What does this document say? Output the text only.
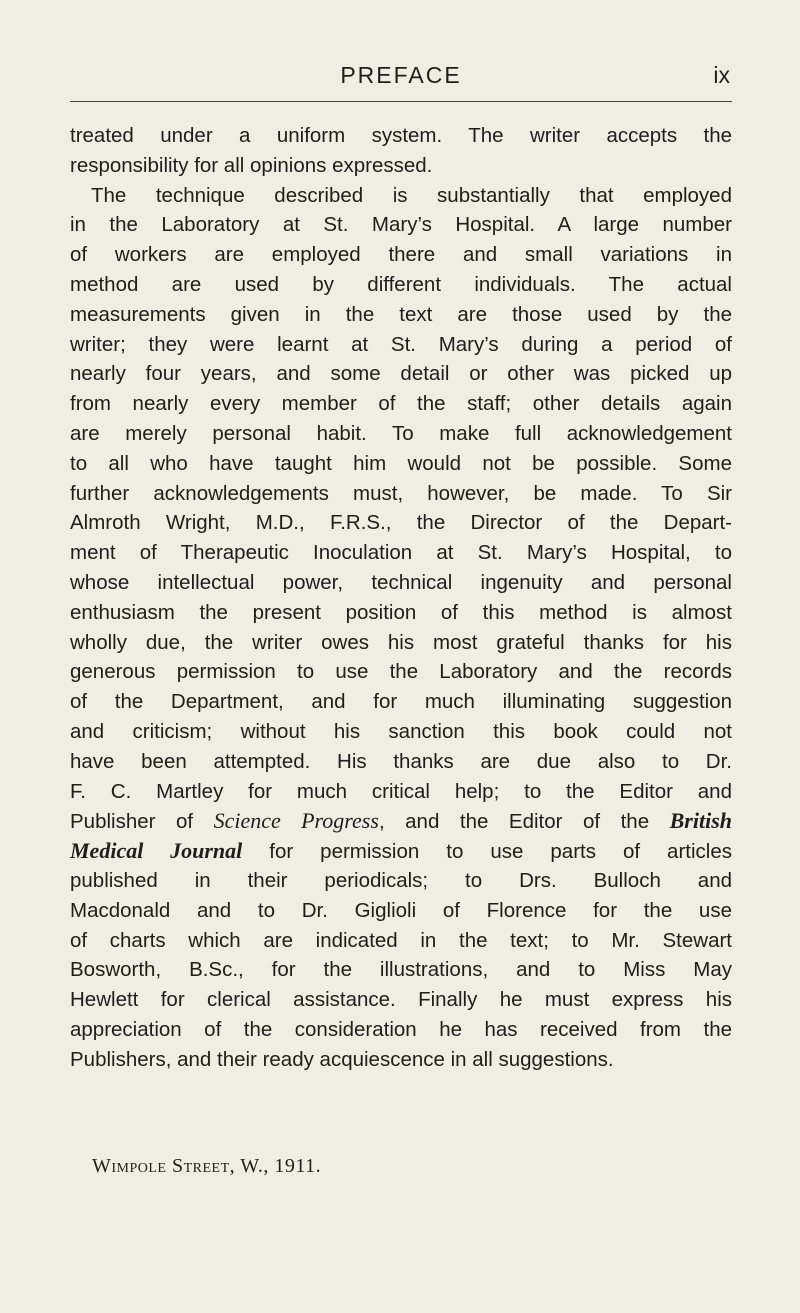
PREFACE	ix
treated under a uniform system. The writer accepts the
responsibility for all opinions expressed.
The technique described is substantially that employed
in the Laboratory at St. Mary’s Hospital. A large number
of workers are employed there and small variations in
method are used by different individuals. The actual
measurements given in the text are those used by the
writer; they were learnt at St. Mary’s during a period of
nearly four years, and some detail or other was picked up
from nearly every member of the staff; other details again
are merely personal habit. To make full acknowledgement
to all who have taught him would not be possible. Some
further acknowledgements must, however, be made. To Sir
Almroth Wright, M.D., F.R.S., the Director of the Depart-
ment of Therapeutic Inoculation at St. Mary’s Hospital, to
whose intellectual power, technical ingenuity and personal
enthusiasm the present position of this method is almost
wholly due, the writer owes his most grateful thanks for his
generous permission to use the Laboratory and the records
of the Department, and for much illuminating suggestion
and criticism; without his sanction this book could not
have been attempted. His thanks are due also to Dr.
F. C. Martley for much critical help; to the Editor and
Publisher of Science Progress, and the Editor of the British
Medical Journal for permission to use parts of articles
published in their periodicals; to Drs. Bulloch and
Macdonald and to Dr. Giglioli of Florence for the use
of charts which are indicated in the text; to Mr. Stewart
Bosworth, B.Sc., for the illustrations, and to Miss May
Hewlett for clerical assistance. Finally he must express his
appreciation of the consideration he has received from the
Publishers, and their ready acquiescence in all suggestions.
Wimpole Street, W., 1911.
